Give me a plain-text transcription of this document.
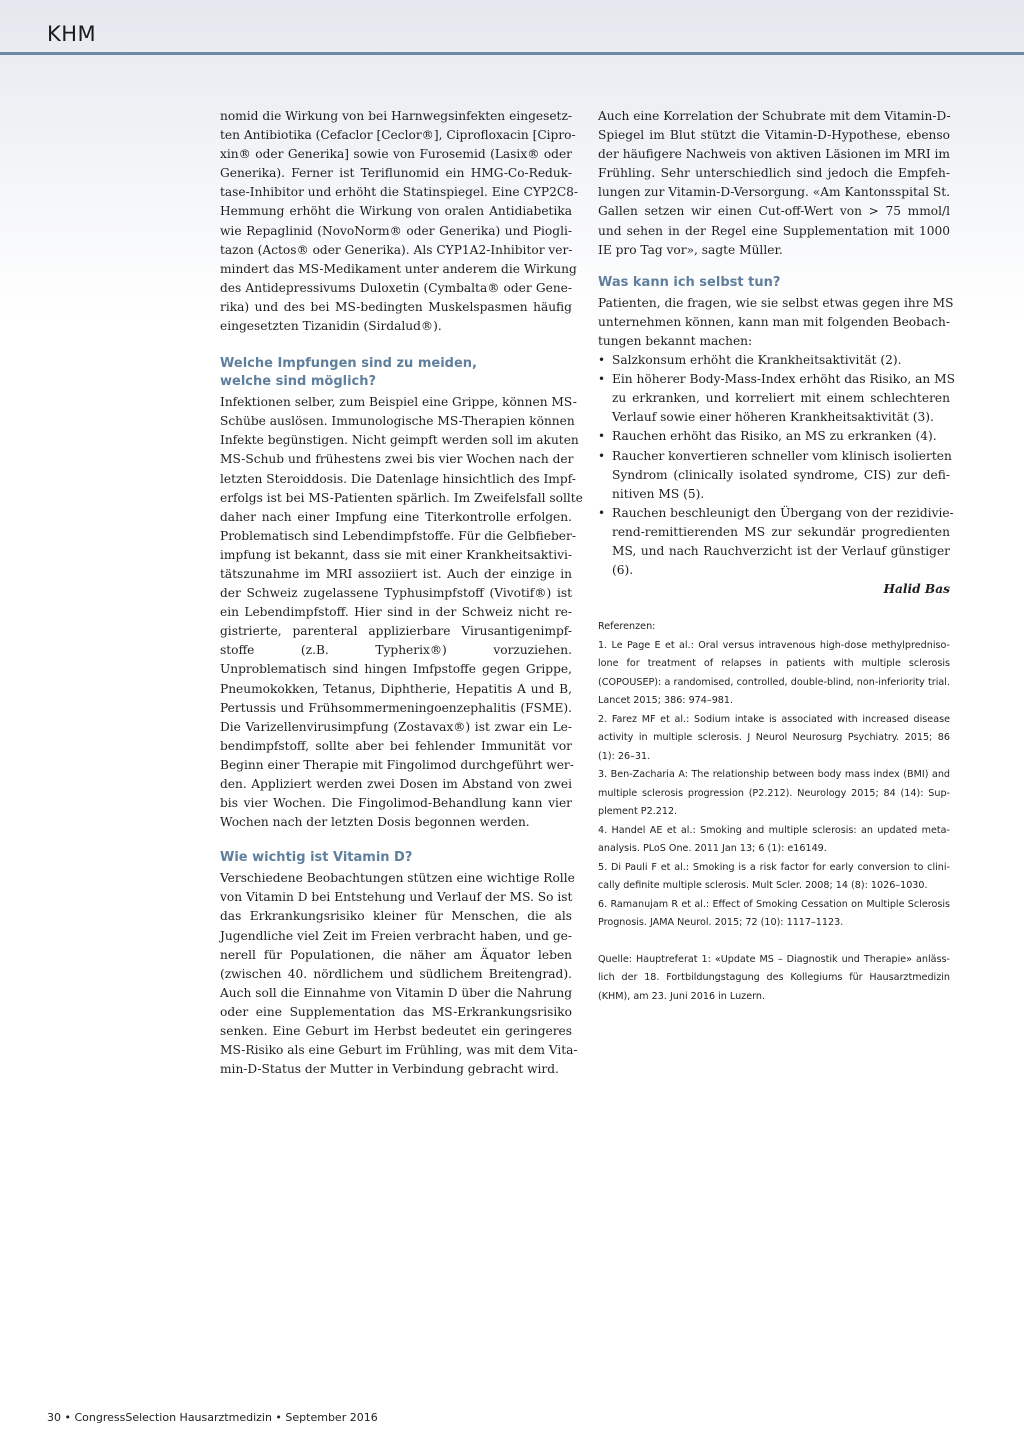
KHM
nomid die Wirkung von bei Harnwegsinfekten eingesetz-
ten Antibiotika (Cefaclor [Ceclor®], Ciprofloxacin [Cipro-
xin® oder Generika] sowie von Furosemid (Lasix® oder
Generika). Ferner ist Teriflunomid ein HMG-Co-Reduk-
tase-Inhibitor und erhöht die Statinspiegel. Eine CYP2C8-
Hemmung erhöht die Wirkung von oralen Antidiabetika
wie Repaglinid (NovoNorm® oder Generika) und Piogli-
tazon (Actos® oder Generika). Als CYP1A2-Inhibitor ver-
mindert das MS-Medikament unter anderem die Wirkung
des Antidepressivums Duloxetin (Cymbalta® oder Gene-
rika) und des bei MS-bedingten Muskelspasmen häufig
eingesetzten Tizanidin (Sirdalud®).
Welche Impfungen sind zu meiden,
welche sind möglich?
Infektionen selber, zum Beispiel eine Grippe, können MS-
Schübe auslösen. Immunologische MS-Therapien können
Infekte begünstigen. Nicht geimpft werden soll im akuten
MS-Schub und frühestens zwei bis vier Wochen nach der
letzten Steroiddosis. Die Datenlage hinsichtlich des Impf-
erfolgs ist bei MS-Patienten spärlich. Im Zweifelsfall sollte
daher nach einer Impfung eine Titerkontrolle erfolgen.
Problematisch sind Lebendimpfstoffe. Für die Gelbfieber-
impfung ist bekannt, dass sie mit einer Krankheitsaktivi-
tätszunahme im MRI assoziiert ist. Auch der einzige in
der Schweiz zugelassene Typhusimpfstoff (Vivotif®) ist
ein Lebendimpfstoff. Hier sind in der Schweiz nicht re-
gistrierte, parenteral applizierbare Virusantigenimpf-
stoffe (z.B. Typherix®) vorzuziehen.
Unproblematisch sind hingen Imfpstoffe gegen Grippe,
Pneumokokken, Tetanus, Diphtherie, Hepatitis A und B,
Pertussis und Frühsommermeningoenzephalitis (FSME).
Die Varizellenvirusimpfung (Zostavax®) ist zwar ein Le-
bendimpfstoff, sollte aber bei fehlender Immunität vor
Beginn einer Therapie mit Fingolimod durchgeführt wer-
den. Appliziert werden zwei Dosen im Abstand von zwei
bis vier Wochen. Die Fingolimod-Behandlung kann vier
Wochen nach der letzten Dosis begonnen werden.
Wie wichtig ist Vitamin D?
Verschiedene Beobachtungen stützen eine wichtige Rolle
von Vitamin D bei Entstehung und Verlauf der MS. So ist
das Erkrankungsrisiko kleiner für Menschen, die als
Jugendliche viel Zeit im Freien verbracht haben, und ge-
nerell für Populationen, die näher am Äquator leben
(zwischen 40. nördlichem und südlichem Breitengrad).
Auch soll die Einnahme von Vitamin D über die Nahrung
oder eine Supplementation das MS-Erkrankungsrisiko
senken. Eine Geburt im Herbst bedeutet ein geringeres
MS-Risiko als eine Geburt im Frühling, was mit dem Vita-
min-D-Status der Mutter in Verbindung gebracht wird.
Auch eine Korrelation der Schubrate mit dem Vitamin-D-
Spiegel im Blut stützt die Vitamin-D-Hypothese, ebenso
der häufigere Nachweis von aktiven Läsionen im MRI im
Frühling. Sehr unterschiedlich sind jedoch die Empfeh-
lungen zur Vitamin-D-Versorgung. «Am Kantonsspital St.
Gallen setzen wir einen Cut-off-Wert von > 75 mmol/l
und sehen in der Regel eine Supplementation mit 1000
IE pro Tag vor», sagte Müller.
Was kann ich selbst tun?
Patienten, die fragen, wie sie selbst etwas gegen ihre MS
unternehmen können, kann man mit folgenden Beobach-
tungen bekannt machen:
• Salzkonsum erhöht die Krankheitsaktivität (2).
• Ein höherer Body-Mass-Index erhöht das Risiko, an MS
zu erkranken, und korreliert mit einem schlechteren
Verlauf sowie einer höheren Krankheitsaktivität (3).
• Rauchen erhöht das Risiko, an MS zu erkranken (4).
• Raucher konvertieren schneller vom klinisch isolierten
Syndrom (clinically isolated syndrome, CIS) zur defi-
nitiven MS (5).
• Rauchen beschleunigt den Übergang von der rezidivie-
rend-remittierenden MS zur sekundär progredienten
MS, und nach Rauchverzicht ist der Verlauf günstiger
(6).
Halid Bas
Referenzen:
1. Le Page E et al.: Oral versus intravenous high-dose methylpredniso-
lone for treatment of relapses in patients with multiple sclerosis
(COPOUSEP): a randomised, controlled, double-blind, non-inferiority trial.
Lancet 2015; 386: 974–981.
2. Farez MF et al.: Sodium intake is associated with increased disease
activity in multiple sclerosis. J Neurol Neurosurg Psychiatry. 2015; 86
(1): 26–31.
3. Ben-Zacharia A: The relationship between body mass index (BMI) and
multiple sclerosis progression (P2.212). Neurology 2015; 84 (14): Sup-
plement P2.212.
4. Handel AE et al.: Smoking and multiple sclerosis: an updated meta-
analysis. PLoS One. 2011 Jan 13; 6 (1): e16149.
5. Di Pauli F et al.: Smoking is a risk factor for early conversion to clini-
cally definite multiple sclerosis. Mult Scler. 2008; 14 (8): 1026–1030.
6. Ramanujam R et al.: Effect of Smoking Cessation on Multiple Sclerosis
Prognosis. JAMA Neurol. 2015; 72 (10): 1117–1123.
Quelle: Hauptreferat 1: «Update MS – Diagnostik und Therapie» anläss-
lich der 18. Fortbildungstagung des Kollegiums für Hausarztmedizin
(KHM), am 23. Juni 2016 in Luzern.
30 • CongressSelection Hausarztmedizin • September 2016
